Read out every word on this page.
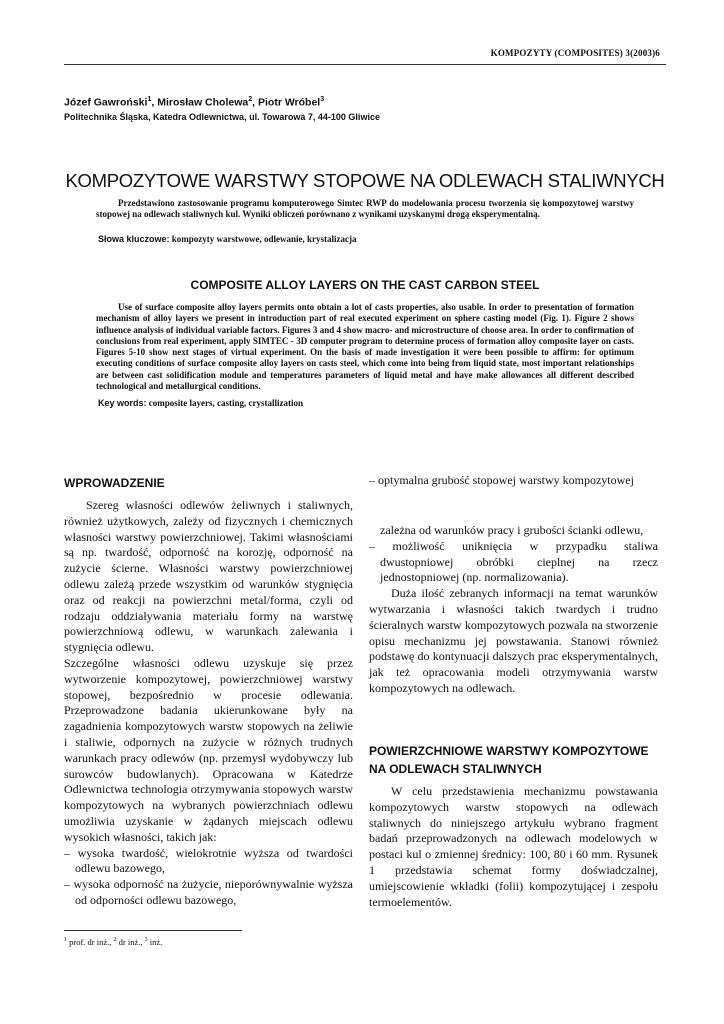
KOMPOZYTY (COMPOSITES) 3(2003)6
Józef Gawroński$^1$, Mirosław Cholewa$^2$, Piotr Wróbel$^3$
Politechnika Śląska, Katedra Odlewnictwa, ul. Towarowa 7, 44-100 Gliwice
KOMPOZYTOWE WARSTWY STOPOWE NA ODLEWACH STALIWNYCH
Przedstawiono zastosowanie programu komputerowego Simtec RWP do modelowania procesu tworzenia się kompozytowej warstwy stopowej na odlewach staliwnych kul. Wyniki obliczeń porównano z wynikami uzyskanymi drogą eksperymentalną.
Słowa kluczowe: kompozyty warstwowe, odlewanie, krystalizacja
COMPOSITE ALLOY LAYERS ON THE CAST CARBON STEEL
Use of surface composite alloy layers permits onto obtain a lot of casts properties, also usable. In order to presentation of formation mechanism of alloy layers we present in introduction part of real executed experiment on sphere casting model (Fig. 1). Figure 2 shows influence analysis of individual variable factors. Figures 3 and 4 show macro- and microstructure of choose area. In order to confirmation of conclusions from real experiment, apply SIMTEC - 3D computer program to determine process of formation alloy composite layer on casts. Figures 5-10 show next stages of virtual experiment. On the basis of made investigation it were been possible to affirm: for optimum executing conditions of surface composite alloy layers on casts steel, which come into being from liquid state, most important relationships are between cast solidification module and temperatures parameters of liquid metal and have make allowances all different described technological and metallurgical conditions.
Key words: composite layers, casting, crystallization
WPROWADZENIE

Szereg własności odlewów żeliwnych i staliwnych, również użytkowych, zależy od fizycznych i chemicznych własności warstwy powierzchniowej. Takimi własnościami są np. twardość, odporność na korozję, odporność na zużycie ścierne. Własności warstwy powierzchniowej odlewu zależą przede wszystkim od warunków stygnięcia oraz od reakcji na powierzchni metal/forma, czyli od rodzaju oddziaływania materiału formy na warstwę powierzchniową odlewu, w warunkach zalewania i stygnięcia odlewu.

Szczególne własności odlewu uzyskuje się przez wytworzenie kompozytowej, powierzchniowej warstwy stopowej, bezpośrednio w procesie odlewania. Przeprowadzone badania ukierunkowane były na zagadnienia kompozytowych warstw stopowych na żeliwie i staliwie, odpornych na zużycie w różnych trudnych warunkach pracy odlewów (np. przemysł wydobywczy lub surowców budowlanych). Opracowana w Katedrze Odlewnictwa technologia otrzymywania stopowych warstw kompozytowych na wybranych powierzchniach odlewu umożliwia uzyskanie w żądanych miejscach odlewu wysokich własności, takich jak:

– wysoka twardość, wielokrotnie wyższa od twardości odlewu bazowego,

– wysoka odporność na żużycie, nieporównywalnie wyższa od odporności odlewu bazowego,

– optymalna grubość stopowej warstwy kompozytowej

zależna od warunków pracy i grubości ścianki odlewu,

– możliwość uniknięcia w przypadku staliwa dwustopniowej obróbki cieplnej na rzecz jednostopniowej (np. normalizowania).

Duża ilość zebranych informacji na temat warunków wytwarzania i własności takich twardych i trudno ścieralnych warstw kompozytowych pozwala na stworzenie opisu mechanizmu jej powstawania. Stanowi również podstawę do kontynuacji dalszych prac eksperymentalnych, jak też opracowania modeli otrzymywania warstw kompozytowych na odlewach.

POWIERZCHNIOWE WARSTWY KOMPOZYTOWE NA ODLEWACH STALIWNYCH

W celu przedstawienia mechanizmu powstawania kompozytowych warstw stopowych na odlewach staliwnych do niniejszego artykułu wybrano fragment badań przeprowadzonych na odlewach modelowych w postaci kul o zmiennej średnicy: 100, 80 i 60 mm. Rysunek 1 przedstawia schemat formy doświadczalnej, umiejscowienie wkładki (folii) kompozytującej i zespołu termoelementów.

$^1$ prof. dr inż., $^2$ dr inż., $^3$ inż.
